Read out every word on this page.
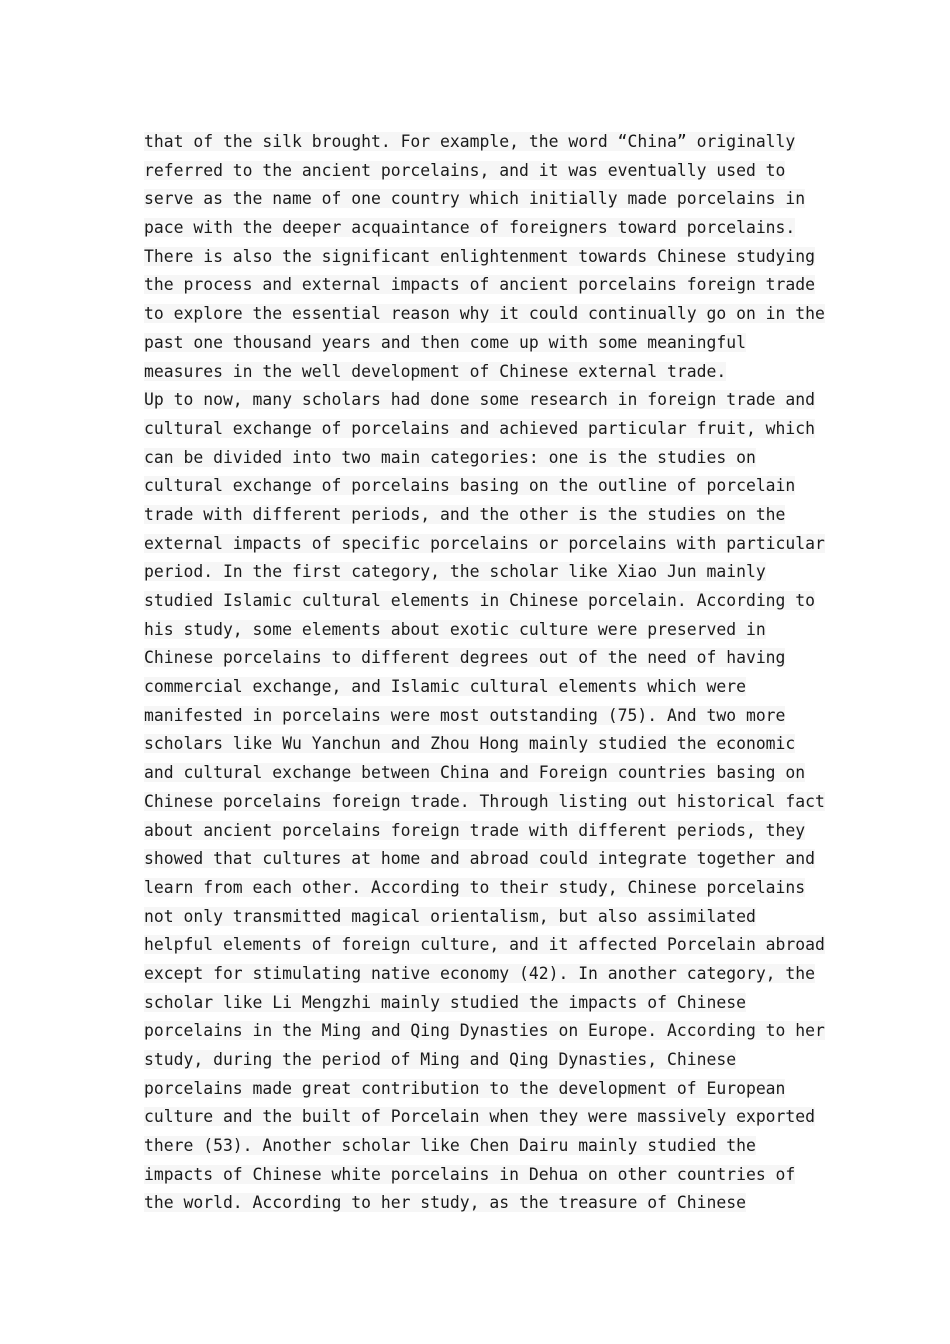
that of the silk brought. For example, the word “China” originally
referred to the ancient porcelains, and it was eventually used to
serve as the name of one country which initially made porcelains in
pace with the deeper acquaintance of foreigners toward porcelains.
There is also the significant enlightenment towards Chinese studying
the process and external impacts of ancient porcelains foreign trade
to explore the essential reason why it could continually go on in the
past one thousand years and then come up with some meaningful
measures in the well development of Chinese external trade.
Up to now, many scholars had done some research in foreign trade and
cultural exchange of porcelains and achieved particular fruit, which
can be divided into two main categories: one is the studies on
cultural exchange of porcelains basing on the outline of porcelain
trade with different periods, and the other is the studies on the
external impacts of specific porcelains or porcelains with particular
period. In the first category, the scholar like Xiao Jun mainly
studied Islamic cultural elements in Chinese porcelain. According to
his study, some elements about exotic culture were preserved in
Chinese porcelains to different degrees out of the need of having
commercial exchange, and Islamic cultural elements which were
manifested in porcelains were most outstanding (75). And two more
scholars like Wu Yanchun and Zhou Hong mainly studied the economic
and cultural exchange between China and Foreign countries basing on
Chinese porcelains foreign trade. Through listing out historical fact
about ancient porcelains foreign trade with different periods, they
showed that cultures at home and abroad could integrate together and
learn from each other. According to their study, Chinese porcelains
not only transmitted magical orientalism, but also assimilated
helpful elements of foreign culture, and it affected Porcelain abroad
except for stimulating native economy (42). In another category, the
scholar like Li Mengzhi mainly studied the impacts of Chinese
porcelains in the Ming and Qing Dynasties on Europe. According to her
study, during the period of Ming and Qing Dynasties, Chinese
porcelains made great contribution to the development of European
culture and the built of Porcelain when they were massively exported
there (53). Another scholar like Chen Dairu mainly studied the
impacts of Chinese white porcelains in Dehua on other countries of
the world. According to her study, as the treasure of Chinese
